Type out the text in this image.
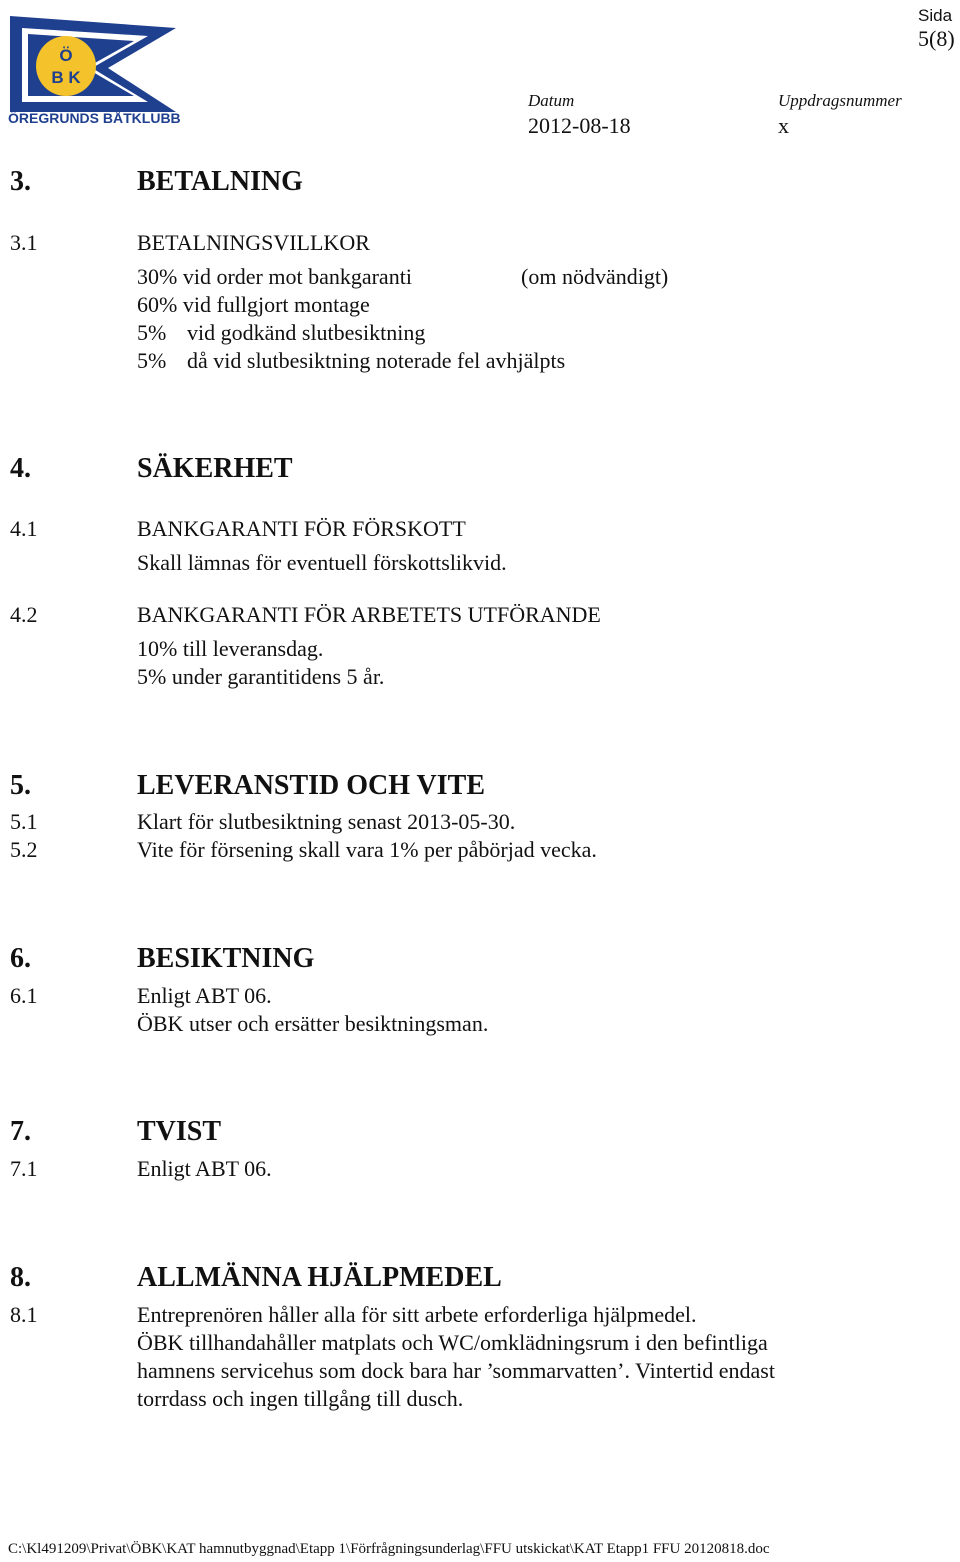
Ö
B K
ÖREGRUNDS BÅTKLUBB
Sida
5(8)
Datum
2012-08-18
Uppdragsnummer
x
3.	BETALNING
3.1	BETALNINGSVILLKOR
30% vid order mot bankgaranti	(om nödvändigt)
60% vid fullgjort montage
5% vid godkänd slutbesiktning
5% då vid slutbesiktning noterade fel avhjälpts
4.	SÄKERHET
4.1	BANKGARANTI FÖR FÖRSKOTT
Skall lämnas för eventuell förskottslikvid.
4.2	BANKGARANTI FÖR ARBETETS UTFÖRANDE
10% till leveransdag.
5% under garantitidens 5 år.
5.	LEVERANSTID OCH VITE
5.1	Klart för slutbesiktning senast 2013-05-30.
5.2	Vite för försening skall vara 1% per påbörjad vecka.
6.	BESIKTNING
6.1	Enligt ABT 06.
ÖBK utser och ersätter besiktningsman.
7.	TVIST
7.1	Enligt ABT 06.
8.	ALLMÄNNA HJÄLPMEDEL
8.1	Entreprenören håller alla för sitt arbete erforderliga hjälpmedel.
ÖBK tillhandahåller matplats och WC/omklädningsrum i den befintliga
hamnens servicehus som dock bara har ’sommarvatten’. Vintertid endast
torrdass och ingen tillgång till dusch.
C:\Kl491209\Privat\ÖBK\KAT hamnutbyggnad\Etapp 1\Förfrågningsunderlag\FFU utskickat\KAT Etapp1 FFU 20120818.doc
